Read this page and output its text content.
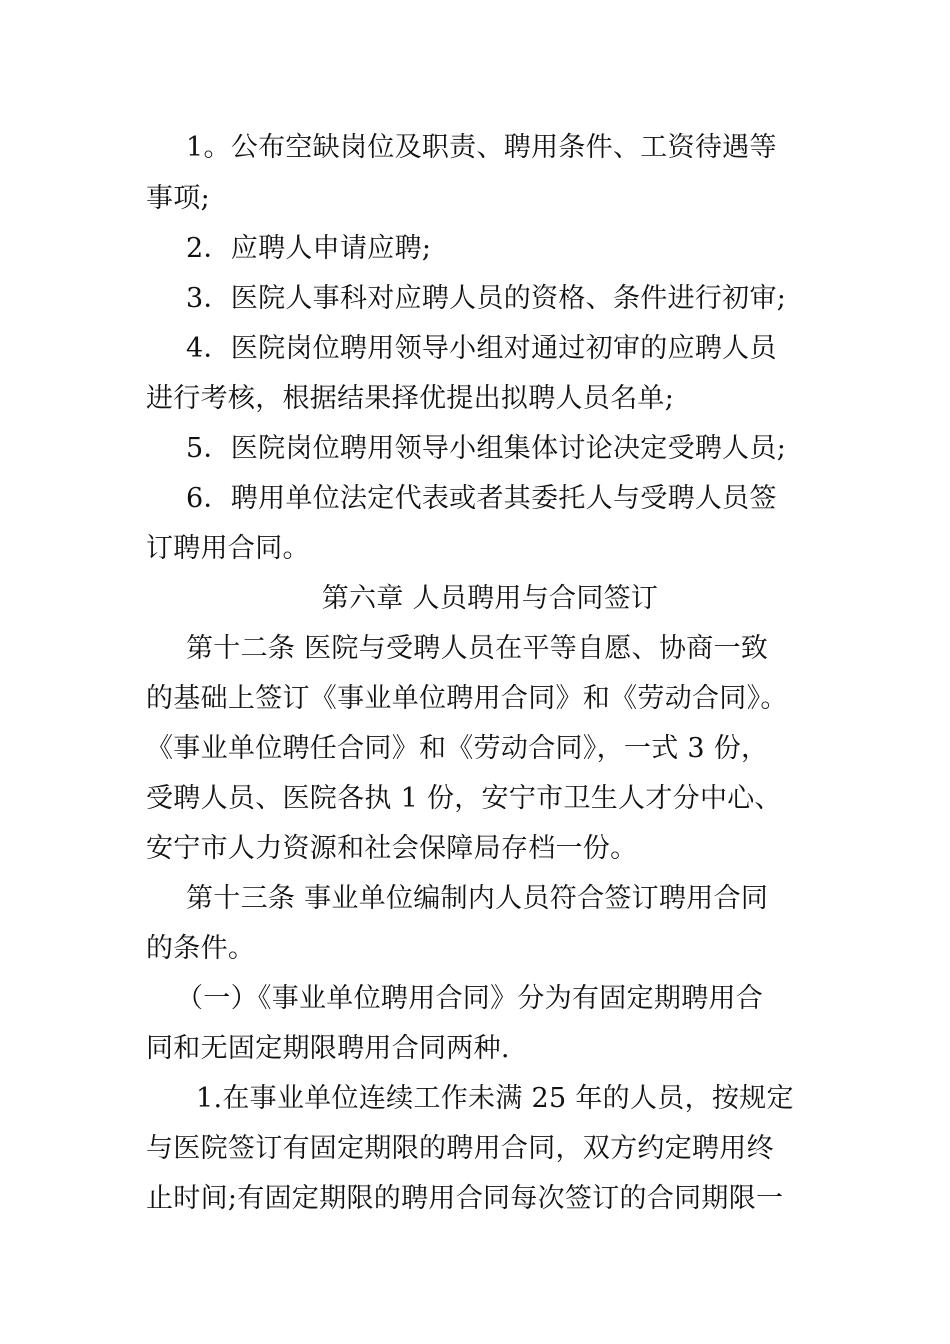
1。公布空缺岗位及职责、聘用条件、工资待遇等
事项;
2．应聘人申请应聘;
3．医院人事科对应聘人员的资格、条件进行初审;
4．医院岗位聘用领导小组对通过初审的应聘人员
进行考核，根据结果择优提出拟聘人员名单;
5．医院岗位聘用领导小组集体讨论决定受聘人员;
6．聘用单位法定代表或者其委托人与受聘人员签
订聘用合同。
第六章 人员聘用与合同签订
第十二条 医院与受聘人员在平等自愿、协商一致
的基础上签订《事业单位聘用合同》和《劳动合同》。
《事业单位聘任合同》和《劳动合同》，一式 3 份，
受聘人员、医院各执 1 份，安宁市卫生人才分中心、
安宁市人力资源和社会保障局存档一份。
第十三条 事业单位编制内人员符合签订聘用合同
的条件。
（一）《事业单位聘用合同》分为有固定期聘用合
同和无固定期限聘用合同两种.
1.在事业单位连续工作未满 25 年的人员，按规定
与医院签订有固定期限的聘用合同，双方约定聘用终
止时间;有固定期限的聘用合同每次签订的合同期限一
